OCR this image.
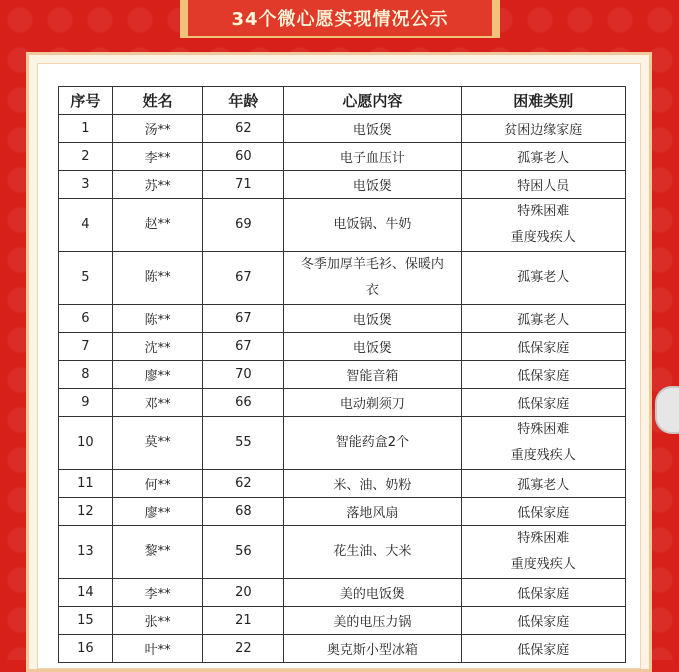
34个微心愿实现情况公示
序号	姓名	年龄	心愿内容	困难类别
1	汤**	62	电饭煲	贫困边缘家庭

2	李**	60	电子血压计	孤寡老人

3	苏**	71	电饭煲	特困人员

4	赵**	69	电饭锅、牛奶	特殊困难
重度残疾人

5	陈**	67	冬季加厚羊毛衫、保暖内衣	孤寡老人

6	陈**	67	电饭煲	孤寡老人

7	沈**	67	电饭煲	低保家庭

8	廖**	70	智能音箱	低保家庭

9	邓**	66	电动剃须刀	低保家庭

10	莫**	55	智能药盒2个	特殊困难
重度残疾人

11	何**	62	米、油、奶粉	孤寡老人

12	廖**	68	落地风扇	低保家庭

13	黎**	56	花生油、大米	特殊困难
重度残疾人

14	李**	20	美的电饭煲	低保家庭

15	张**	21	美的电压力锅	低保家庭

16	叶**	22	奥克斯小型冰箱	低保家庭
